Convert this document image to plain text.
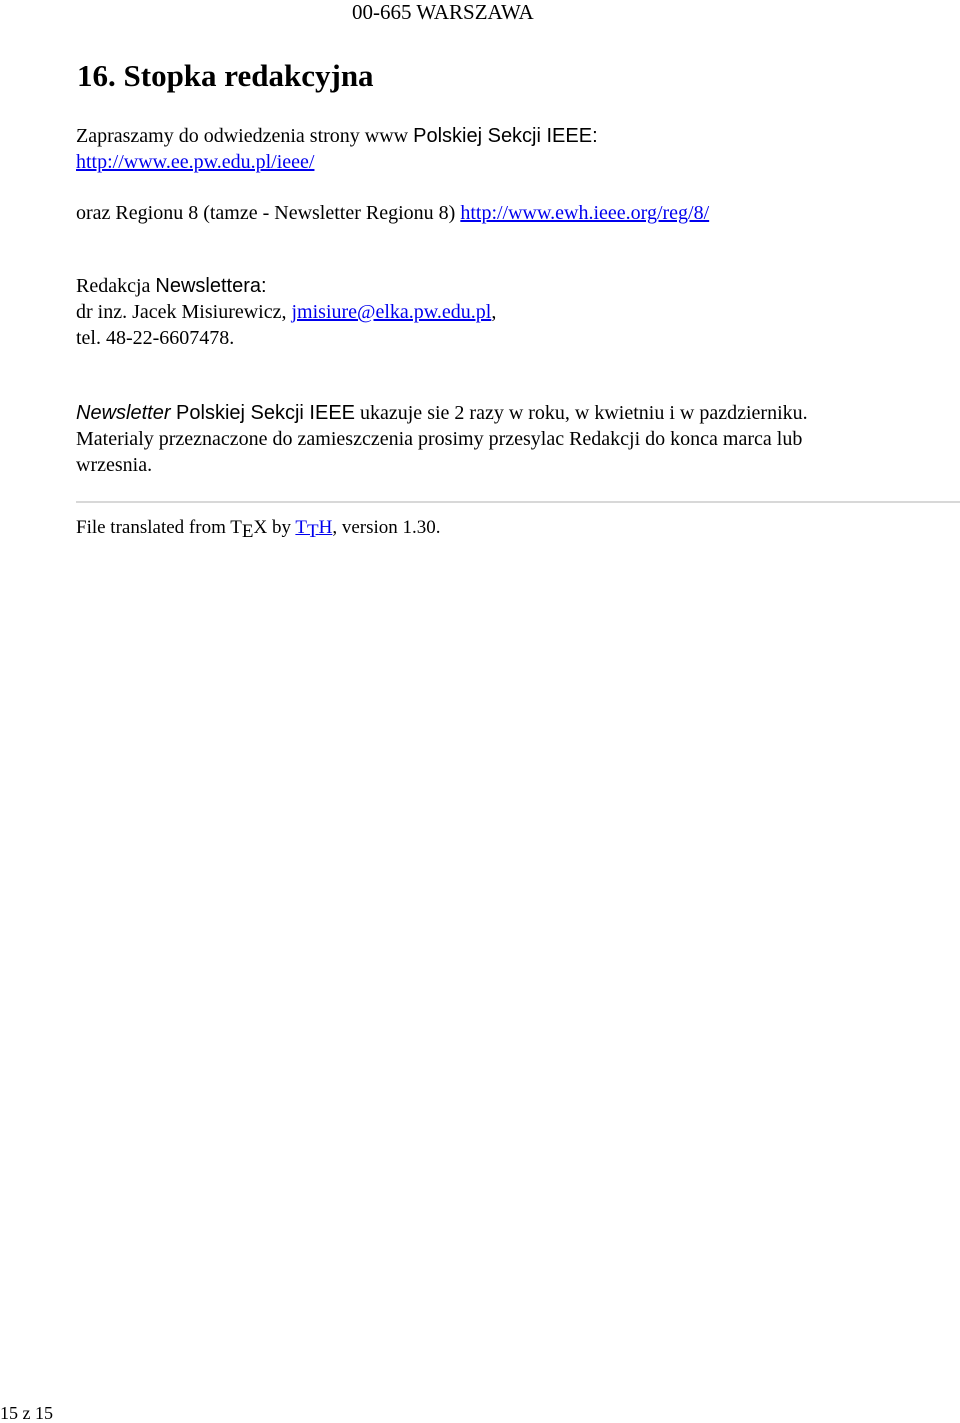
00-665 WARSZAWA
16. Stopka redakcyjna

Zapraszamy do odwiedzenia strony www Polskiej Sekcji IEEE:
http://www.ee.pw.edu.pl/ieee/

oraz Regionu 8 (tamze - Newsletter Regionu 8) http://www.ewh.ieee.org/reg/8/

Redakcja Newslettera:
dr inz. Jacek Misiurewicz, jmisiure@elka.pw.edu.pl,
tel. 48-22-6607478.

Newsletter Polskiej Sekcji IEEE ukazuje sie 2 razy w roku, w kwietniu i w pazdzierniku.
Materialy przeznaczone do zamieszczenia prosimy przesylac Redakcji do konca marca lub
wrzesnia.

File translated from TEX by TTH, version 1.30.
15 z 15
